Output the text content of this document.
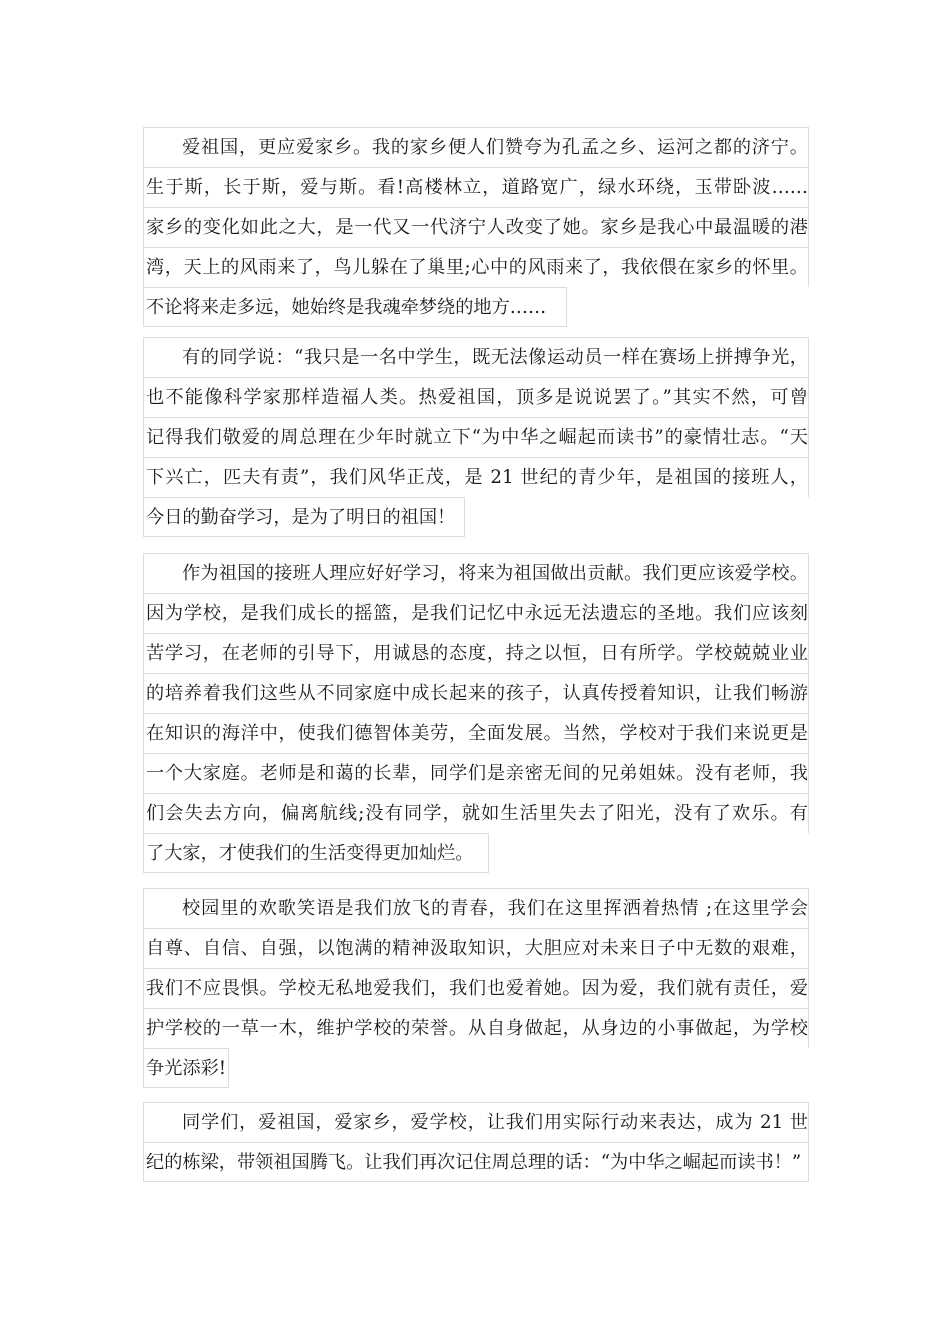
爱祖国，更应爱家乡。我的家乡便人们赞夸为孔孟之乡、运河之都的济宁。
生于斯，长于斯，爱与斯。看!高楼林立，道路宽广，绿水环绕，玉带卧波……
家乡的变化如此之大，是一代又一代济宁人改变了她。家乡是我心中最温暖的港
湾，天上的风雨来了，鸟儿躲在了巢里;心中的风雨来了，我依偎在家乡的怀里。
不论将来走多远，她始终是我魂牵梦绕的地方……
有的同学说：“我只是一名中学生，既无法像运动员一样在赛场上拼搏争光，
也不能像科学家那样造福人类。热爱祖国，顶多是说说罢了。”其实不然，可曾
记得我们敬爱的周总理在少年时就立下“为中华之崛起而读书”的豪情壮志。“天
下兴亡，匹夫有责”，我们风华正茂，是 21 世纪的青少年，是祖国的接班人，
今日的勤奋学习，是为了明日的祖国！
作为祖国的接班人理应好好学习，将来为祖国做出贡献。我们更应该爱学校。
因为学校，是我们成长的摇篮，是我们记忆中永远无法遗忘的圣地。我们应该刻
苦学习，在老师的引导下，用诚恳的态度，持之以恒，日有所学。学校兢兢业业
的培养着我们这些从不同家庭中成长起来的孩子，认真传授着知识，让我们畅游
在知识的海洋中，使我们德智体美劳，全面发展。当然，学校对于我们来说更是
一个大家庭。老师是和蔼的长辈，同学们是亲密无间的兄弟姐妹。没有老师，我
们会失去方向，偏离航线;没有同学，就如生活里失去了阳光，没有了欢乐。有
了大家，才使我们的生活变得更加灿烂。
校园里的欢歌笑语是我们放飞的青春，我们在这里挥洒着热情 ;在这里学会
自尊、自信、自强，以饱满的精神汲取知识，大胆应对未来日子中无数的艰难，
我们不应畏惧。学校无私地爱我们，我们也爱着她。因为爱，我们就有责任，爱
护学校的一草一木，维护学校的荣誉。从自身做起，从身边的小事做起，为学校
争光添彩!
同学们，爱祖国，爱家乡，爱学校，让我们用实际行动来表达，成为 21 世
纪的栋梁，带领祖国腾飞。让我们再次记住周总理的话：“为中华之崛起而读书！”
